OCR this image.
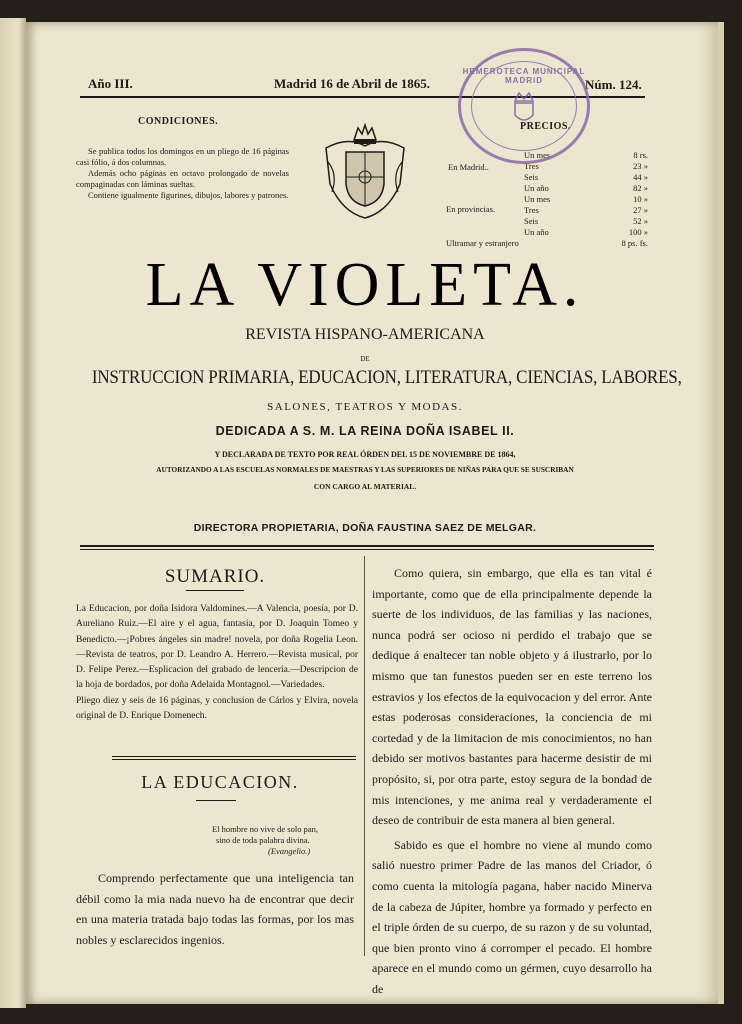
Año III.	Madrid 16 de Abril de 1865.	Núm. 124.
CONDICIONES.
Se publica todos los domingos en un pliego de 16 páginas casi fólio, á dos columnas.
Además ocho páginas en octavo prolongado de novelas compaginadas con láminas sueltas.
Contiene igualmente figurines, dibujos, labores y patrones.
PRECIOS.
En Madrid..
Un mes	8 rs.
Tres	23 »
Seis	44 »
Un año	82 »
En provincias.
Un mes	10 »
Tres	27 »
Seis	52 »
Un año	100 »
Ultramar y estranjero	8 ps. fs.
HEMEROTECA MUNICIPAL MADRID
LA VIOLETA.
REVISTA HISPANO-AMERICANA
DE
INSTRUCCION PRIMARIA, EDUCACION, LITERATURA, CIENCIAS, LABORES,
SALONES, TEATROS Y MODAS.
DEDICADA A S. M. LA REINA DOÑA ISABEL II.
Y DECLARADA DE TEXTO POR REAL ÓRDEN DEL 15 DE NOVIEMBRE DE 1864,
AUTORIZANDO A LAS ESCUELAS NORMALES DE MAESTRAS Y LAS SUPERIORES DE NIÑAS PARA QUE SE SUSCRIBAN
CON CARGO AL MATERIAL.
DIRECTORA PROPIETARIA, DOÑA FAUSTINA SAEZ DE MELGAR.
SUMARIO.
La Educacion, por doña Isidora Valdomines.—A Valencia, poesía, por D. Aureliano Ruiz.—El aire y el agua, fantasía, por D. Joaquin Tomeo y Benedicto.—¡Pobres ángeles sin madre! novela, por doña Rogelia Leon.—Revista de teatros, por D. Leandro A. Herrero.—Revista musical, por D. Felipe Perez.—Esplicacion del grabado de lencería.—Descripcion de la hoja de bordados, por doña Adelaida Montagnol.—Variedades.
Pliego diez y seis de 16 páginas, y conclusion de Cárlos y Elvira, novela original de D. Enrique Domenech.
LA EDUCACION.
El hombre no vive de solo pan,
sino de toda palabra divina.
(Evangelio.)

Comprendo perfectamente que una inteligencia tan débil como la mia nada nuevo ha de encontrar que decir en una materia tratada bajo todas las formas, por los mas nobles y esclarecidos ingenios.

Como quiera, sin embargo, que ella es tan vital é importante, como que de ella principalmente depende la suerte de los individuos, de las familias y las naciones, nunca podrá ser ocioso ni perdido el trabajo que se dedique á enaltecer tan noble objeto y á ilustrarlo, por lo mismo que tan funestos pueden ser en este terreno los estravios y los efectos de la equivocacion y del error. Ante estas poderosas consideraciones, la conciencia de mi cortedad y de la limitacion de mis conocimientos, no han debido ser motivos bastantes para hacerme desistir de mi propósito, si, por otra parte, estoy segura de la bondad de mis intenciones, y me anima real y verdaderamente el deseo de contribuir de esta manera al bien general.

Sabido es que el hombre no viene al mundo como salió nuestro primer Padre de las manos del Criador, ó como cuenta la mitología pagana, haber nacido Minerva de la cabeza de Júpiter, hombre ya formado y perfecto en el triple órden de su cuerpo, de su razon y de su voluntad, que bien pronto vino á corromper el pecado. El hombre aparece en el mundo como un gérmen, cuyo desarrollo ha de
